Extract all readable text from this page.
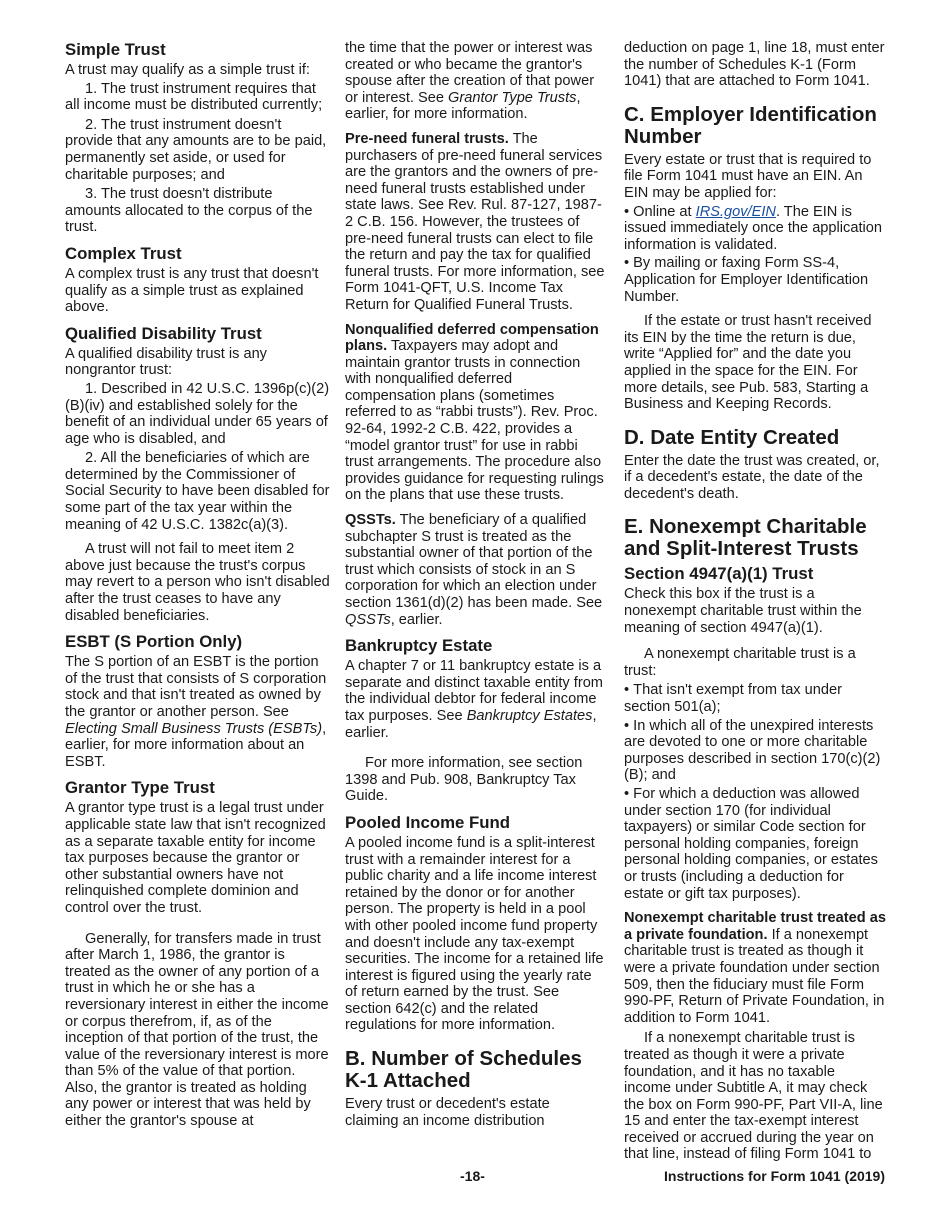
Simple Trust

A trust may qualify as a simple trust if:

1. The trust instrument requires that all income must be distributed currently;

2. The trust instrument doesn't provide that any amounts are to be paid, permanently set aside, or used for charitable purposes; and

3. The trust doesn't distribute amounts allocated to the corpus of the trust.

Complex Trust

A complex trust is any trust that doesn't qualify as a simple trust as explained above.

Qualified Disability Trust

A qualified disability trust is any nongrantor trust:

1. Described in 42 U.S.C. 1396p(c)(2)(B)(iv) and established solely for the benefit of an individual under 65 years of age who is disabled, and

2. All the beneficiaries of which are determined by the Commissioner of Social Security to have been disabled for some part of the tax year within the meaning of 42 U.S.C. 1382c(a)(3).

A trust will not fail to meet item 2 above just because the trust's corpus may revert to a person who isn't disabled after the trust ceases to have any disabled beneficiaries.

ESBT (S Portion Only)

The S portion of an ESBT is the portion of the trust that consists of S corporation stock and that isn't treated as owned by the grantor or another person. See Electing Small Business Trusts (ESBTs), earlier, for more information about an ESBT.

Grantor Type Trust

A grantor type trust is a legal trust under applicable state law that isn't recognized as a separate taxable entity for income tax purposes because the grantor or other substantial owners have not relinquished complete dominion and control over the trust.

Generally, for transfers made in trust after March 1, 1986, the grantor is treated as the owner of any portion of a trust in which he or she has a reversionary interest in either the income or corpus therefrom, if, as of the inception of that portion of the trust, the value of the reversionary interest is more than 5% of the value of that portion. Also, the grantor is treated as holding any power or interest that was held by either the grantor's spouse at

the time that the power or interest was created or who became the grantor's spouse after the creation of that power or interest. See Grantor Type Trusts, earlier, for more information.

Pre-need funeral trusts. The purchasers of pre-need funeral services are the grantors and the owners of pre-need funeral trusts established under state laws. See Rev. Rul. 87-127, 1987-2 C.B. 156. However, the trustees of pre-need funeral trusts can elect to file the return and pay the tax for qualified funeral trusts. For more information, see Form 1041-QFT, U.S. Income Tax Return for Qualified Funeral Trusts.

Nonqualified deferred compensation plans. Taxpayers may adopt and maintain grantor trusts in connection with nonqualified deferred compensation plans (sometimes referred to as “rabbi trusts”). Rev. Proc. 92-64, 1992-2 C.B. 422, provides a “model grantor trust” for use in rabbi trust arrangements. The procedure also provides guidance for requesting rulings on the plans that use these trusts.

QSSTs. The beneficiary of a qualified subchapter S trust is treated as the substantial owner of that portion of the trust which consists of stock in an S corporation for which an election under section 1361(d)(2) has been made. See QSSTs, earlier.

Bankruptcy Estate

A chapter 7 or 11 bankruptcy estate is a separate and distinct taxable entity from the individual debtor for federal income tax purposes. See Bankruptcy Estates, earlier.

For more information, see section 1398 and Pub. 908, Bankruptcy Tax Guide.

Pooled Income Fund

A pooled income fund is a split-interest trust with a remainder interest for a public charity and a life income interest retained by the donor or for another person. The property is held in a pool with other pooled income fund property and doesn't include any tax-exempt securities. The income for a retained life interest is figured using the yearly rate of return earned by the trust. See section 642(c) and the related regulations for more information.

B. Number of Schedules K-1 Attached

Every trust or decedent's estate claiming an income distribution

deduction on page 1, line 18, must enter the number of Schedules K-1 (Form 1041) that are attached to Form 1041.

C. Employer Identification Number

Every estate or trust that is required to file Form 1041 must have an EIN. An EIN may be applied for:

• Online at IRS.gov/EIN. The EIN is issued immediately once the application information is validated.

• By mailing or faxing Form SS-4, Application for Employer Identification Number.

If the estate or trust hasn't received its EIN by the time the return is due, write “Applied for” and the date you applied in the space for the EIN. For more details, see Pub. 583, Starting a Business and Keeping Records.

D. Date Entity Created

Enter the date the trust was created, or, if a decedent's estate, the date of the decedent's death.

E. Nonexempt Charitable and Split-Interest Trusts
Section 4947(a)(1) Trust

Check this box if the trust is a nonexempt charitable trust within the meaning of section 4947(a)(1).

A nonexempt charitable trust is a trust:

• That isn't exempt from tax under section 501(a);

• In which all of the unexpired interests are devoted to one or more charitable purposes described in section 170(c)(2)(B); and

• For which a deduction was allowed under section 170 (for individual taxpayers) or similar Code section for personal holding companies, foreign personal holding companies, or estates or trusts (including a deduction for estate or gift tax purposes).

Nonexempt charitable trust treated as a private foundation. If a nonexempt charitable trust is treated as though it were a private foundation under section 509, then the fiduciary must file Form 990-PF, Return of Private Foundation, in addition to Form 1041.

If a nonexempt charitable trust is treated as though it were a private foundation, and it has no taxable income under Subtitle A, it may check the box on Form 990-PF, Part VII-A, line 15 and enter the tax-exempt interest received or accrued during the year on that line, instead of filing Form 1041 to

-18-	Instructions for Form 1041 (2019)
